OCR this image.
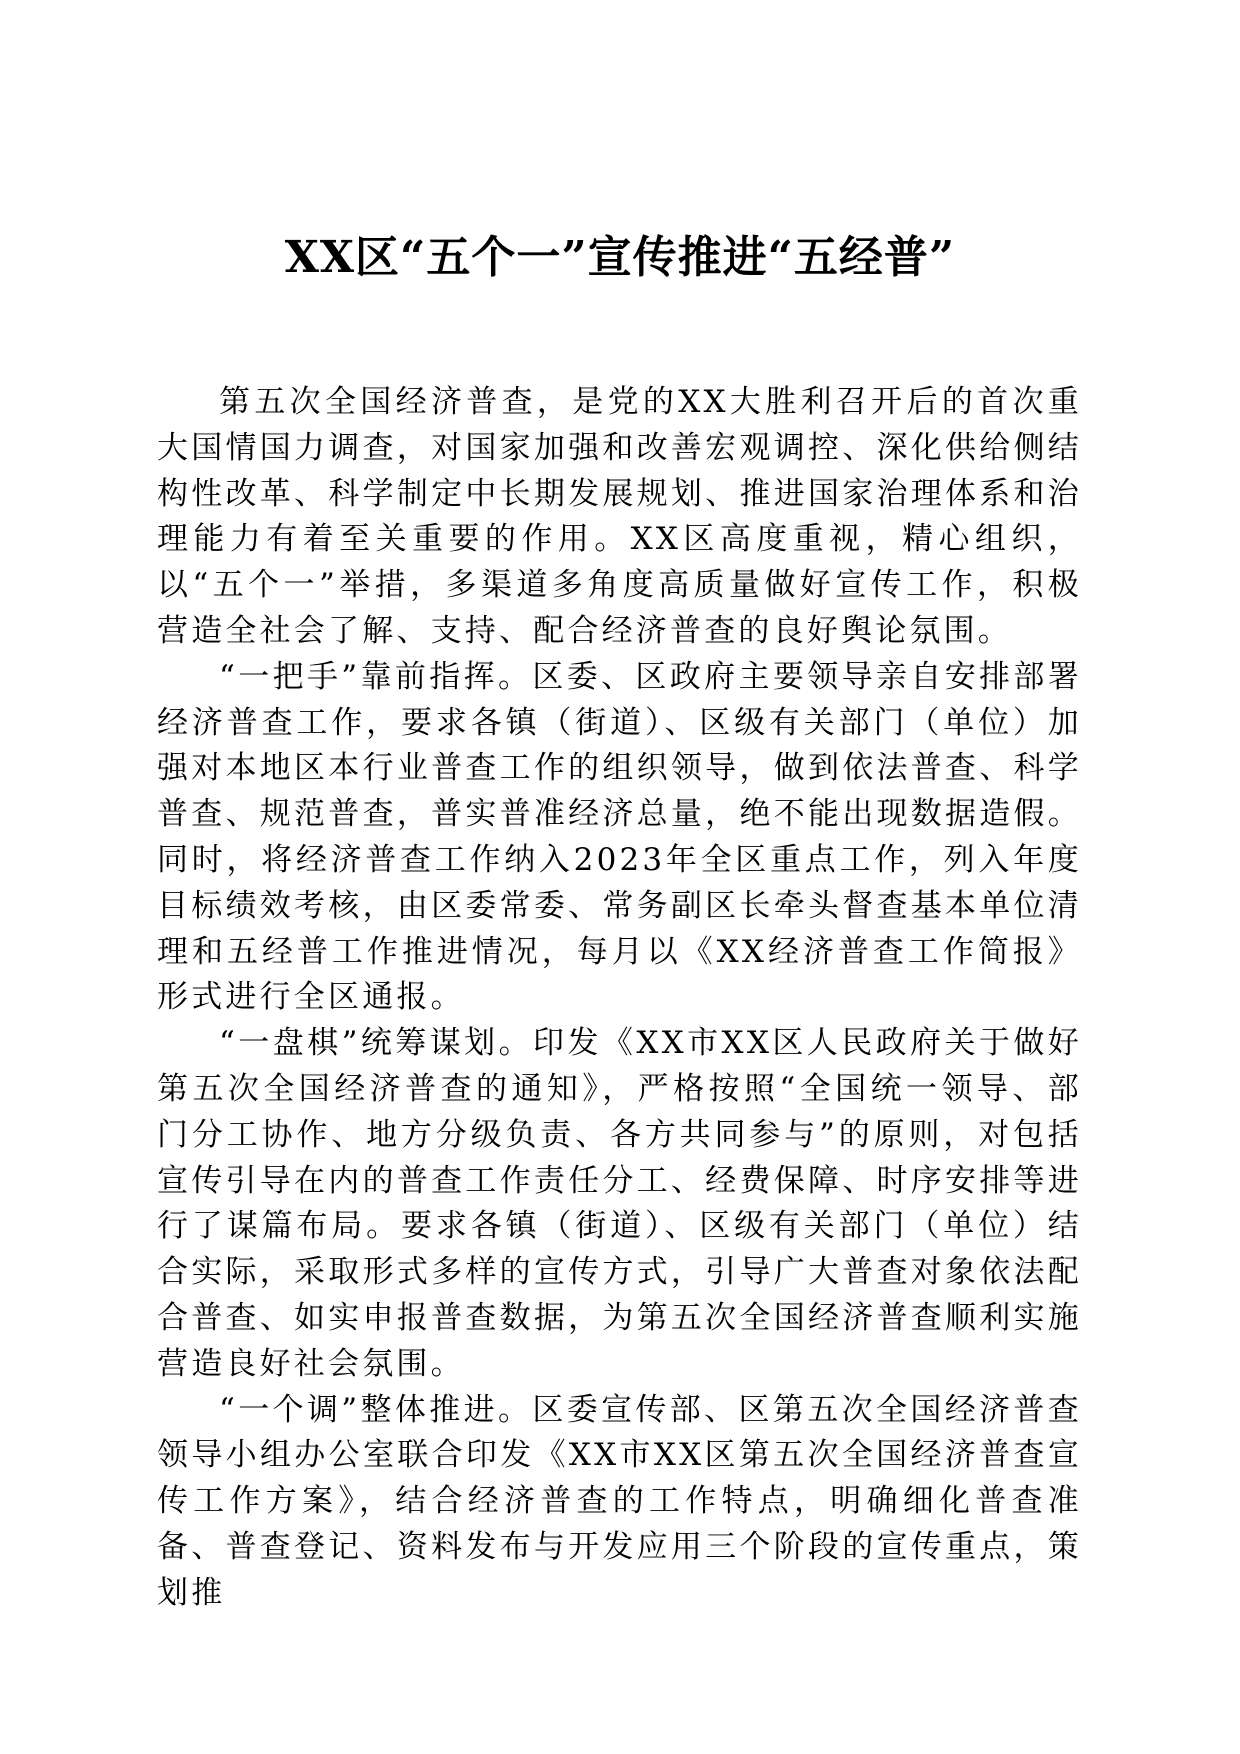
XX区“五个一”宣传推进“五经普”

第五次全国经济普查，是党的XX大胜利召开后的首次重大国情国力调查，对国家加强和改善宏观调控、深化供给侧结构性改革、科学制定中长期发展规划、推进国家治理体系和治理能力有着至关重要的作用。XX区高度重视，精心组织，以“五个一”举措，多渠道多角度高质量做好宣传工作，积极营造全社会了解、支持、配合经济普查的良好舆论氛围。

“一把手”靠前指挥。区委、区政府主要领导亲自安排部署经济普查工作，要求各镇（街道）、区级有关部门（单位）加强对本地区本行业普查工作的组织领导，做到依法普查、科学普查、规范普查，普实普准经济总量，绝不能出现数据造假。同时，将经济普查工作纳入2023年全区重点工作，列入年度目标绩效考核，由区委常委、常务副区长牵头督查基本单位清理和五经普工作推进情况，每月以《XX经济普查工作简报》形式进行全区通报。

“一盘棋”统筹谋划。印发《XX市XX区人民政府关于做好第五次全国经济普查的通知》，严格按照“全国统一领导、部门分工协作、地方分级负责、各方共同参与”的原则，对包括宣传引导在内的普查工作责任分工、经费保障、时序安排等进行了谋篇布局。要求各镇（街道）、区级有关部门（单位）结合实际，采取形式多样的宣传方式，引导广大普查对象依法配合普查、如实申报普查数据，为第五次全国经济普查顺利实施营造良好社会氛围。

“一个调”整体推进。区委宣传部、区第五次全国经济普查领导小组办公室联合印发《XX市XX区第五次全国经济普查宣传工作方案》，结合经济普查的工作特点，明确细化普查准备、普查登记、资料发布与开发应用三个阶段的宣传重点，策划推
